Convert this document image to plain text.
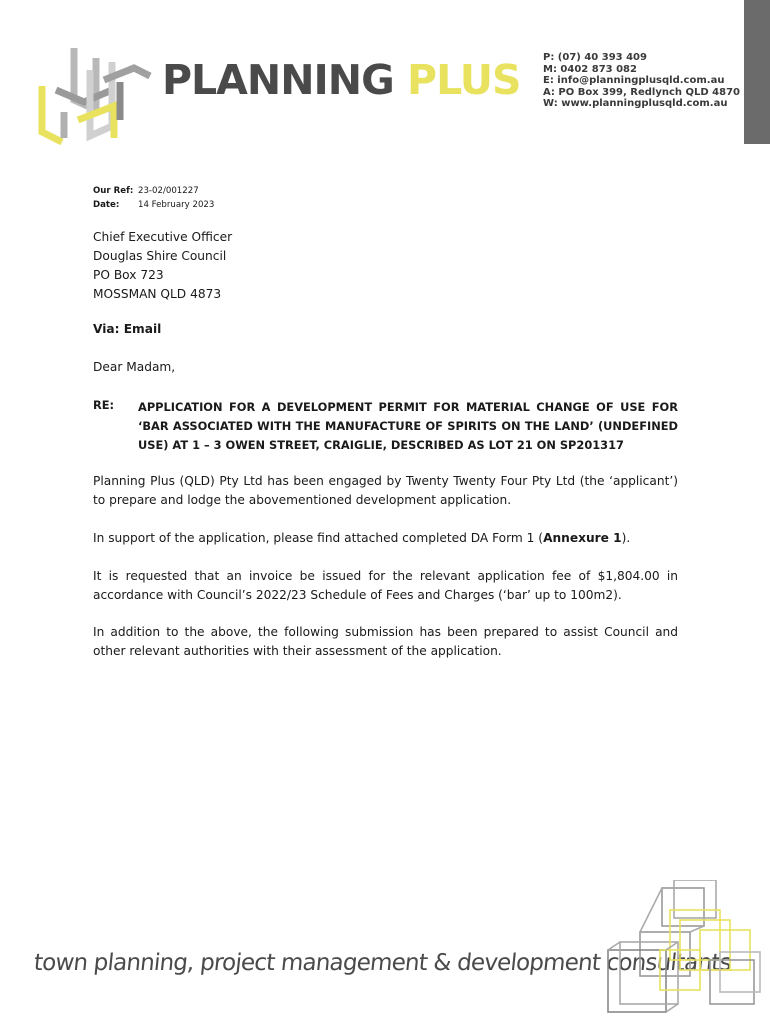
PLANNING PLUS P: (07) 40 393 409
M: 0402 873 082
E: info@planningplusqld.com.au
A: PO Box 399, Redlynch QLD 4870
W: www.planningplusqld.com.au
Our Ref: 23-02/001227
Date:	14 February 2023
Chief Executive Officer
Douglas Shire Council
PO Box 723
MOSSMAN QLD 4873
Via: Email
Dear Madam,
RE: APPLICATION FOR A DEVELOPMENT PERMIT FOR MATERIAL CHANGE OF USE FOR ‘BAR ASSOCIATED WITH THE MANUFACTURE OF SPIRITS ON THE LAND’ (UNDEFINED USE) AT 1 – 3 OWEN STREET, CRAIGLIE, DESCRIBED AS LOT 21 ON SP201317
Planning Plus (QLD) Pty Ltd has been engaged by Twenty Twenty Four Pty Ltd (the ‘applicant’) to prepare and lodge the abovementioned development application.
In support of the application, please find attached completed DA Form 1 (Annexure 1).
It is requested that an invoice be issued for the relevant application fee of $1,804.00 in accordance with Council’s 2022/23 Schedule of Fees and Charges (‘bar’ up to 100m2).
In addition to the above, the following submission has been prepared to assist Council and other relevant authorities with their assessment of the application.
town planning, project management & development consultants
